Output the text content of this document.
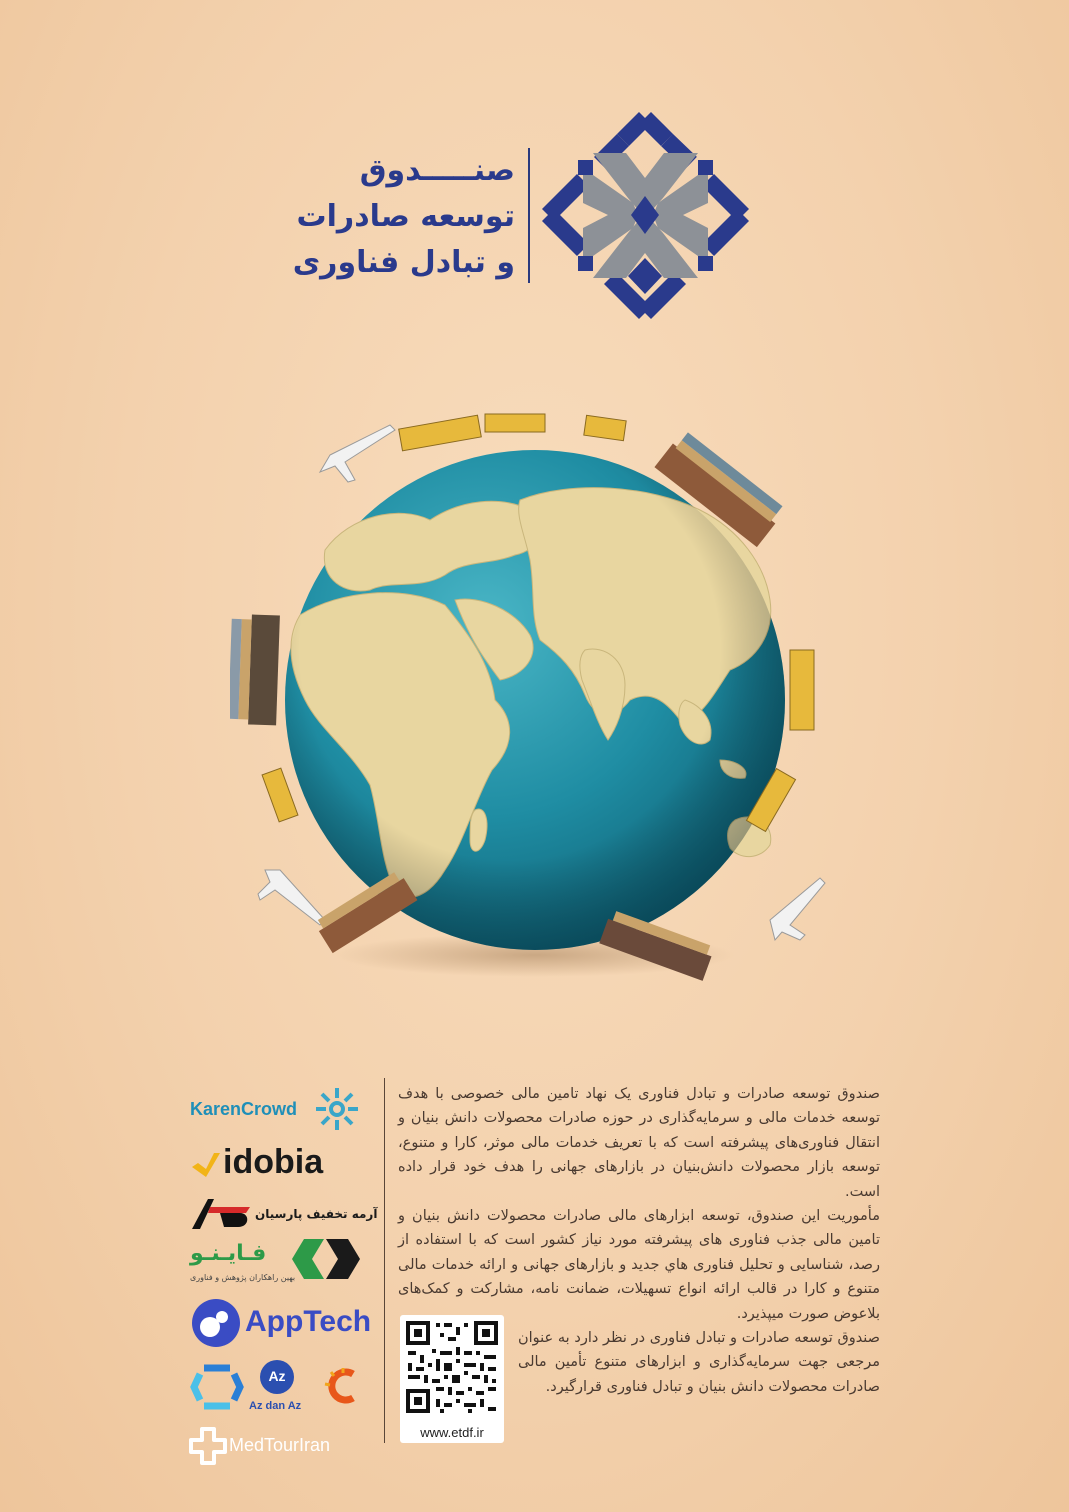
صنـــــدوق
توسعه صادرات
و تبادل فناوری
KarenCrowd
idobia
آرمه تخفیف پارسیان
فـایـنـو
بهین راهکاران پژوهش و فناوری
AppTech
Az
Az dan Az
MedTourIran

صندوق توسعه صادرات و تبادل فناوری یک نهاد تامین مالی خصوصی با هدف توسعه خدمات مالی و سرمایه‌گذاری در حوزه صادرات محصولات دانش بنیان و انتقال فناوری‌های پیشرفته است که با تعریف خدمات مالی موثر، کارا و متنوع، توسعه بازار محصولات دانش‌بنیان در بازارهای جهانی را هدف خود قرار داده است.

مأموریت این صندوق، توسعه ابزارهای مالی صادرات محصولات دانش بنیان و تامین مالی جذب فناوری های پیشرفته مورد نیاز کشور است که با استفاده از رصد، شناسایی و تحلیل فناوری هاي جدید و بازارهای جهانی و ارائه خدمات مالی متنوع و کارا در قالب ارائه انواع تسهیلات، ضمانت نامه، مشارکت و کمک‌های بلاعوض صورت میپذیرد.

صندوق توسعه صادرات و تبادل فناوری در نظر دارد به عنوان مرجعی جهت سرمایه‌گذاری و ابزارهای متنوع تأمین مالی صادرات محصولات دانش بنیان و تبادل فناوری قرارگیرد.

www.etdf.ir
